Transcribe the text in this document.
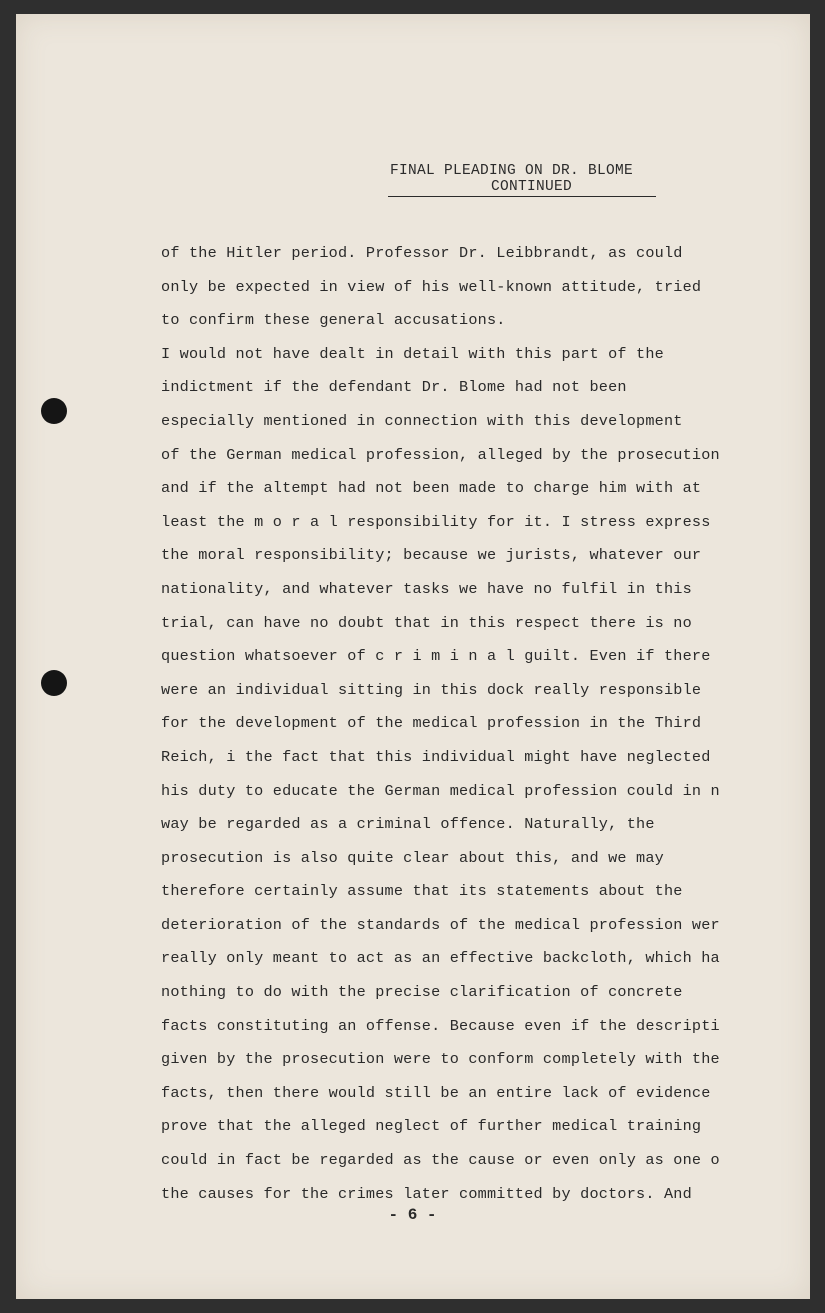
FINAL PLEADING ON DR. BLOME
CONTINUED
of the Hitler period. Professor Dr. Leibbrandt, as could
only be expected in view of his well-known attitude, tried
to confirm these general accusations.
I would not have dealt in detail with this part of the
indictment if the defendant Dr. Blome had not been
especially mentioned in connection with this development
of the German medical profession, alleged by the prosecution
and if the altempt had not been made to charge him with at
least the m o r a l responsibility for it. I stress express
the moral responsibility; because we jurists, whatever our
nationality, and whatever tasks we have no fulfil in this
trial, can have no doubt that in this respect there is no
question whatsoever of c r i m i n a l guilt. Even if there
were an individual sitting in this dock really responsible
for the development of the medical profession in the Third
Reich, i the fact that this individual might have neglected
his duty to educate the German medical profession could in n
way be regarded as a criminal offence. Naturally, the
prosecution is also quite clear about this, and we may
therefore certainly assume that its statements about the
deterioration of the standards of the medical profession wer
really only meant to act as an effective backcloth, which ha
nothing to do with the precise clarification of concrete
facts constituting an offense. Because even if the descripti
given by the prosecution were to conform completely with the
facts, then there would still be an entire lack of evidence
prove that the alleged neglect of further medical training
could in fact be regarded as the cause or even only as one o
the causes for the crimes later committed by doctors. And
- 6 -
